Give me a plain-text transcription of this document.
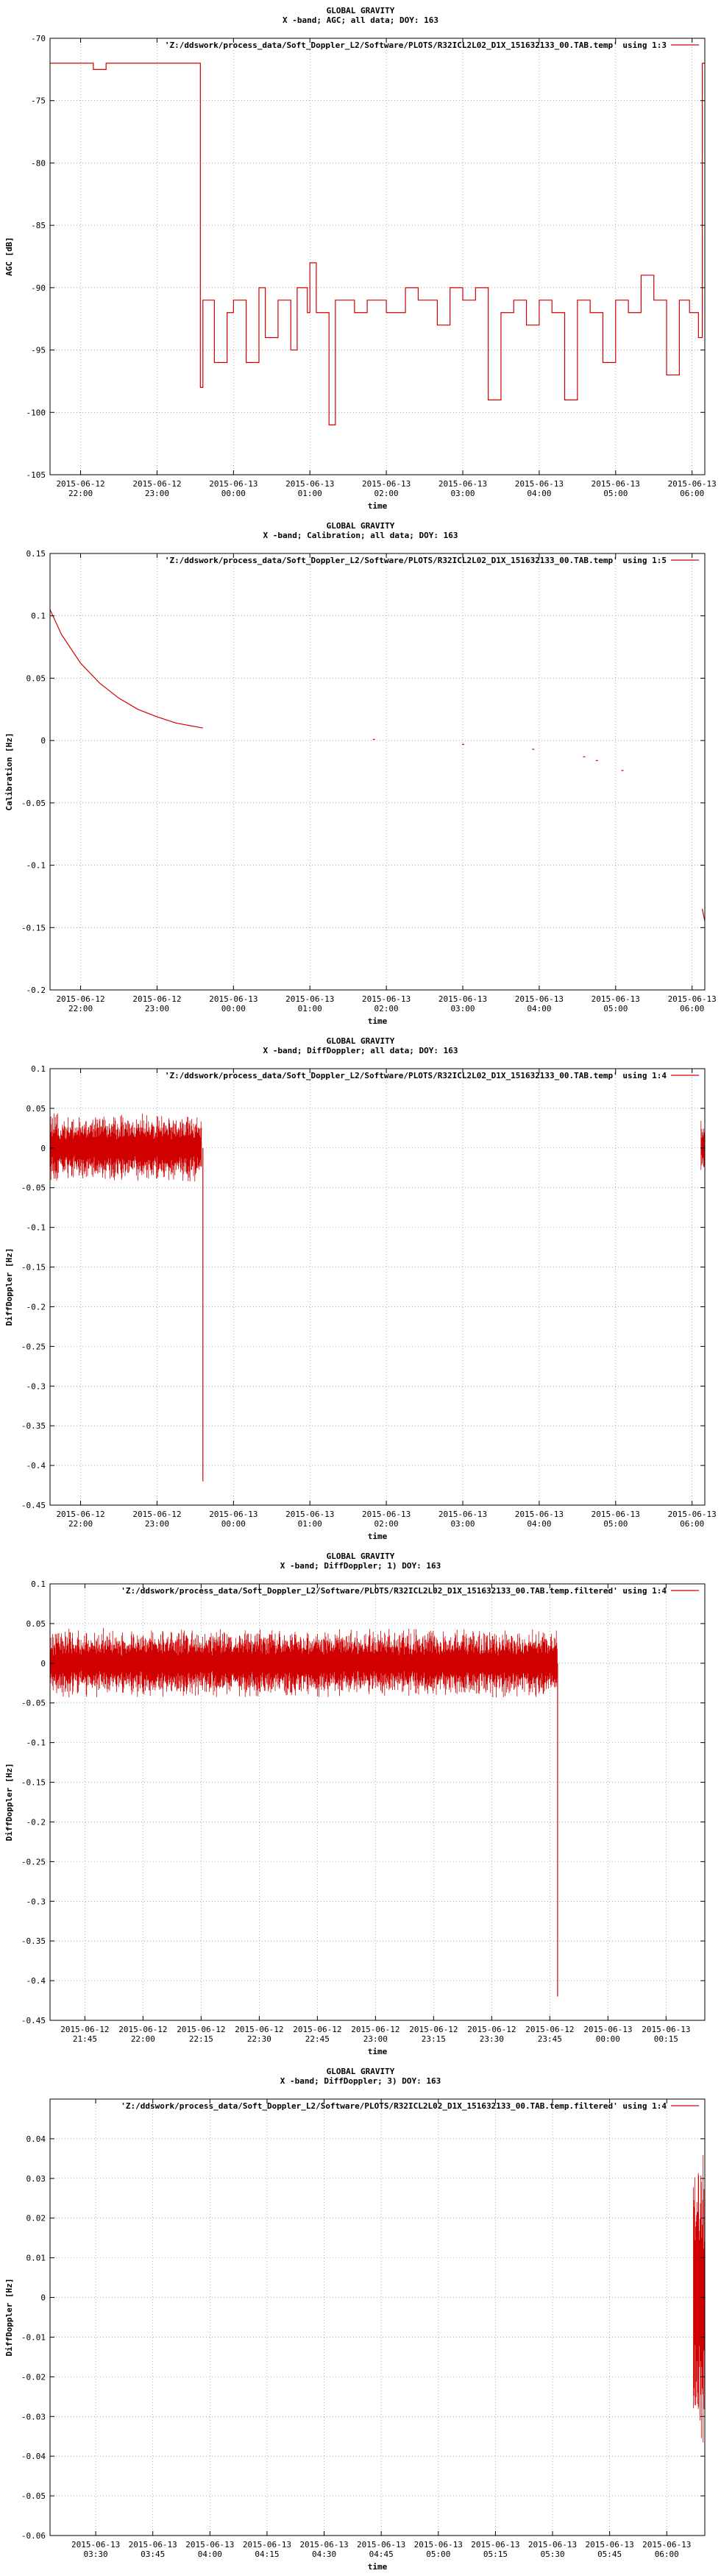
GLOBAL GRAVITY
X -band; AGC; all data; DOY: 163
-70
-75
-80
-85
-90
-95
-100
-105
2015-06-12
22:00
2015-06-12
23:00
2015-06-13
00:00
2015-06-13
01:00
2015-06-13
02:00
2015-06-13
03:00
2015-06-13
04:00
2015-06-13
05:00
2015-06-13
06:00
time
AGC [dB]
'Z:/ddswork/process_data/Soft_Doppler_L2/Software/PLOTS/R32ICL2L02_D1X_151632133_00.TAB.temp' using 1:3
GLOBAL GRAVITY
X -band; Calibration; all data; DOY: 163
0.15
0.1
0.05
0
-0.05
-0.1
-0.15
-0.2
2015-06-12
22:00
2015-06-12
23:00
2015-06-13
00:00
2015-06-13
01:00
2015-06-13
02:00
2015-06-13
03:00
2015-06-13
04:00
2015-06-13
05:00
2015-06-13
06:00
time
Calibration [Hz]
'Z:/ddswork/process_data/Soft_Doppler_L2/Software/PLOTS/R32ICL2L02_D1X_151632133_00.TAB.temp' using 1:5
GLOBAL GRAVITY
X -band; DiffDoppler; all data; DOY: 163
0.1
0.05
0
-0.05
-0.1
-0.15
-0.2
-0.25
-0.3
-0.35
-0.4
-0.45
2015-06-12
22:00
2015-06-12
23:00
2015-06-13
00:00
2015-06-13
01:00
2015-06-13
02:00
2015-06-13
03:00
2015-06-13
04:00
2015-06-13
05:00
2015-06-13
06:00
time
DiffDoppler [Hz]
'Z:/ddswork/process_data/Soft_Doppler_L2/Software/PLOTS/R32ICL2L02_D1X_151632133_00.TAB.temp' using 1:4
GLOBAL GRAVITY
X -band; DiffDoppler; 1) DOY: 163
0.1
0.05
0
-0.05
-0.1
-0.15
-0.2
-0.25
-0.3
-0.35
-0.4
-0.45
2015-06-12
21:45
2015-06-12
22:00
2015-06-12
22:15
2015-06-12
22:30
2015-06-12
22:45
2015-06-12
23:00
2015-06-12
23:15
2015-06-12
23:30
2015-06-12
23:45
2015-06-13
00:00
2015-06-13
00:15
time
DiffDoppler [Hz]
'Z:/ddswork/process_data/Soft_Doppler_L2/Software/PLOTS/R32ICL2L02_D1X_151632133_00.TAB.temp.filtered' using 1:4
GLOBAL GRAVITY
X -band; DiffDoppler; 3) DOY: 163
0.04
0.03
0.02
0.01
0
-0.01
-0.02
-0.03
-0.04
-0.05
-0.06
2015-06-13
03:30
2015-06-13
03:45
2015-06-13
04:00
2015-06-13
04:15
2015-06-13
04:30
2015-06-13
04:45
2015-06-13
05:00
2015-06-13
05:15
2015-06-13
05:30
2015-06-13
05:45
2015-06-13
06:00
time
DiffDoppler [Hz]
'Z:/ddswork/process_data/Soft_Doppler_L2/Software/PLOTS/R32ICL2L02_D1X_151632133_00.TAB.temp.filtered' using 1:4
